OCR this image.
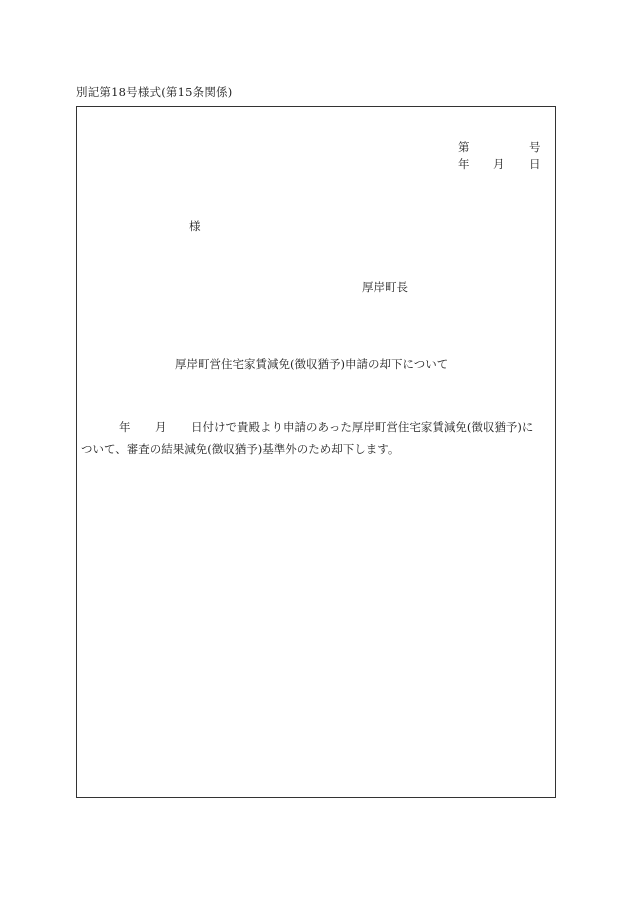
別記第18号様式(第15条関係)
第	号
年 月 日
様
厚岸町長
厚岸町営住宅家賃減免(徴収猶予)申請の却下について
年 月 日付けで貴殿より申請のあった厚岸町営住宅家賃減免(徴収猶予)に
ついて、審査の結果減免(徴収猶予)基準外のため却下します。
